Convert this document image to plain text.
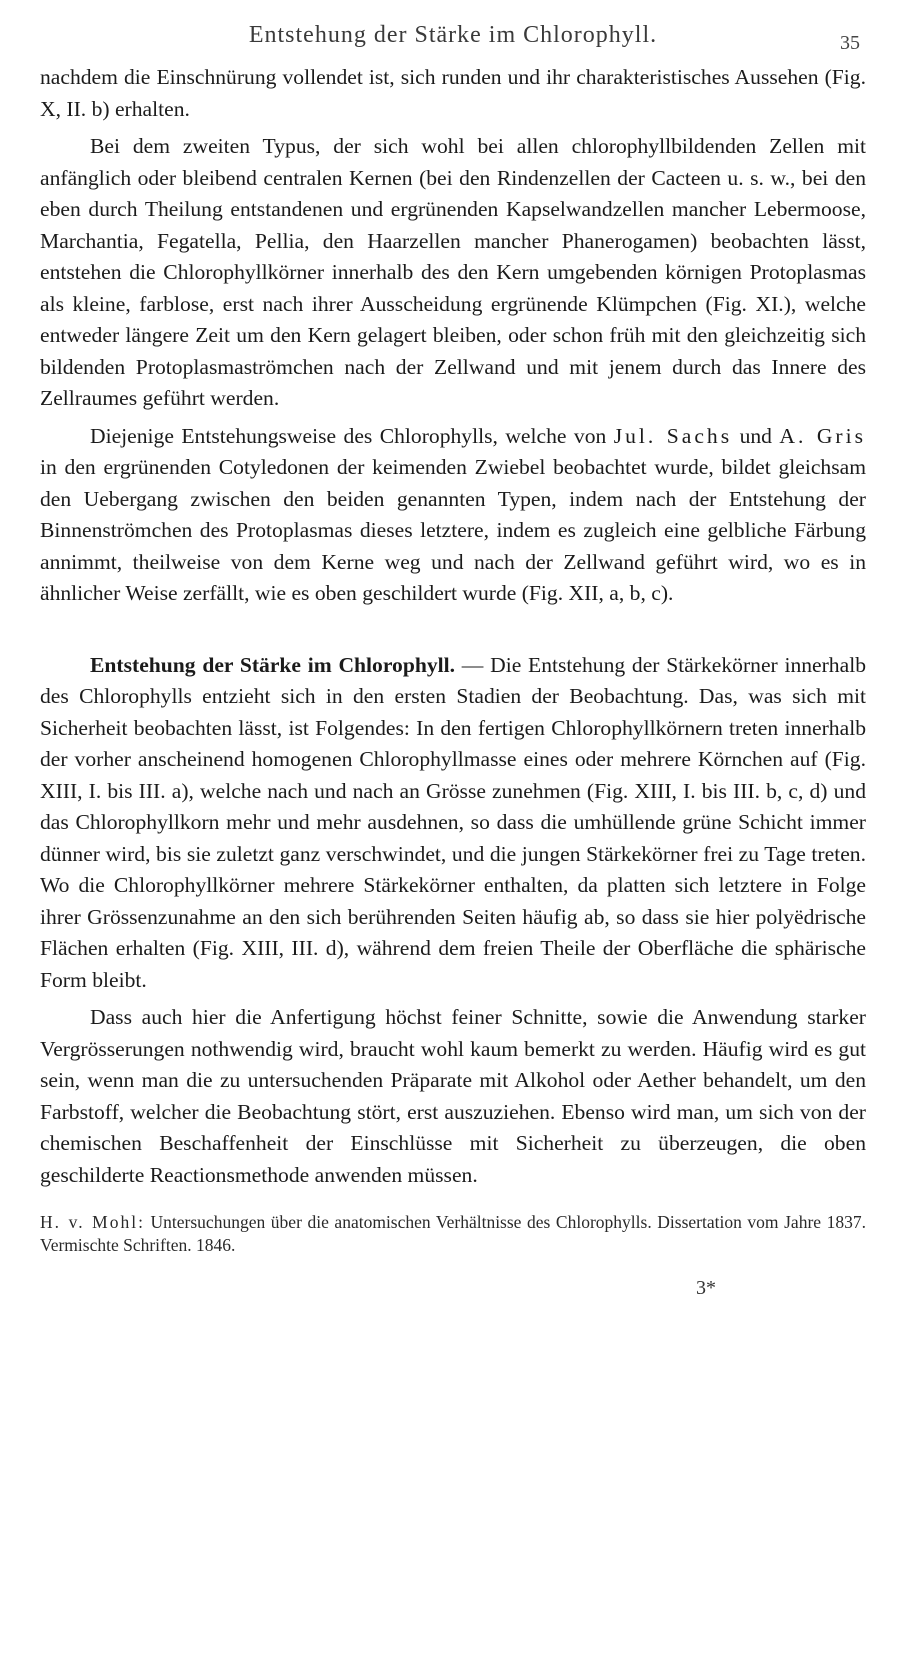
Entstehung der Stärke im Chlorophyll.	35

nachdem die Einschnürung vollendet ist, sich runden und ihr charakteristisches Aussehen (Fig. X, II. b) erhalten.

Bei dem zweiten Typus, der sich wohl bei allen chlorophyllbildenden Zellen mit anfänglich oder bleibend centralen Kernen (bei den Rindenzellen der Cacteen u. s. w., bei den eben durch Theilung entstandenen und ergrünenden Kapselwandzellen mancher Lebermoose, Marchantia, Fegatella, Pellia, den Haarzellen mancher Phanerogamen) beobachten lässt, entstehen die Chlorophyllkörner innerhalb des den Kern umgebenden körnigen Protoplasmas als kleine, farblose, erst nach ihrer Ausscheidung ergrünende Klümpchen (Fig. XI.), welche entweder längere Zeit um den Kern gelagert bleiben, oder schon früh mit den gleichzeitig sich bildenden Protoplasmaströmchen nach der Zellwand und mit jenem durch das Innere des Zellraumes geführt werden.

Diejenige Entstehungsweise des Chlorophylls, welche von Jul. Sachs und A. Gris in den ergrünenden Cotyledonen der keimenden Zwiebel beobachtet wurde, bildet gleichsam den Uebergang zwischen den beiden genannten Typen, indem nach der Entstehung der Binnenströmchen des Protoplasmas dieses letztere, indem es zugleich eine gelbliche Färbung annimmt, theilweise von dem Kerne weg und nach der Zellwand geführt wird, wo es in ähnlicher Weise zerfällt, wie es oben geschildert wurde (Fig. XII, a, b, c).

Entstehung der Stärke im Chlorophyll. — Die Entstehung der Stärkekörner innerhalb des Chlorophylls entzieht sich in den ersten Stadien der Beobachtung. Das, was sich mit Sicherheit beobachten lässt, ist Folgendes: In den fertigen Chlorophyllkörnern treten innerhalb der vorher anscheinend homogenen Chlorophyllmasse eines oder mehrere Körnchen auf (Fig. XIII, I. bis III. a), welche nach und nach an Grösse zunehmen (Fig. XIII, I. bis III. b, c, d) und das Chlorophyllkorn mehr und mehr ausdehnen, so dass die umhüllende grüne Schicht immer dünner wird, bis sie zuletzt ganz verschwindet, und die jungen Stärkekörner frei zu Tage treten. Wo die Chlorophyllkörner mehrere Stärkekörner enthalten, da platten sich letztere in Folge ihrer Grössenzunahme an den sich berührenden Seiten häufig ab, so dass sie hier polyëdrische Flächen erhalten (Fig. XIII, III. d), während dem freien Theile der Oberfläche die sphärische Form bleibt.

Dass auch hier die Anfertigung höchst feiner Schnitte, sowie die Anwendung starker Vergrösserungen nothwendig wird, braucht wohl kaum bemerkt zu werden. Häufig wird es gut sein, wenn man die zu untersuchenden Präparate mit Alkohol oder Aether behandelt, um den Farbstoff, welcher die Beobachtung stört, erst auszuziehen. Ebenso wird man, um sich von der chemischen Beschaffenheit der Einschlüsse mit Sicherheit zu überzeugen, die oben geschilderte Reactionsmethode anwenden müssen.

H. v. Mohl: Untersuchungen über die anatomischen Verhältnisse des Chlorophylls. Dissertation vom Jahre 1837. Vermischte Schriften. 1846.
3*
